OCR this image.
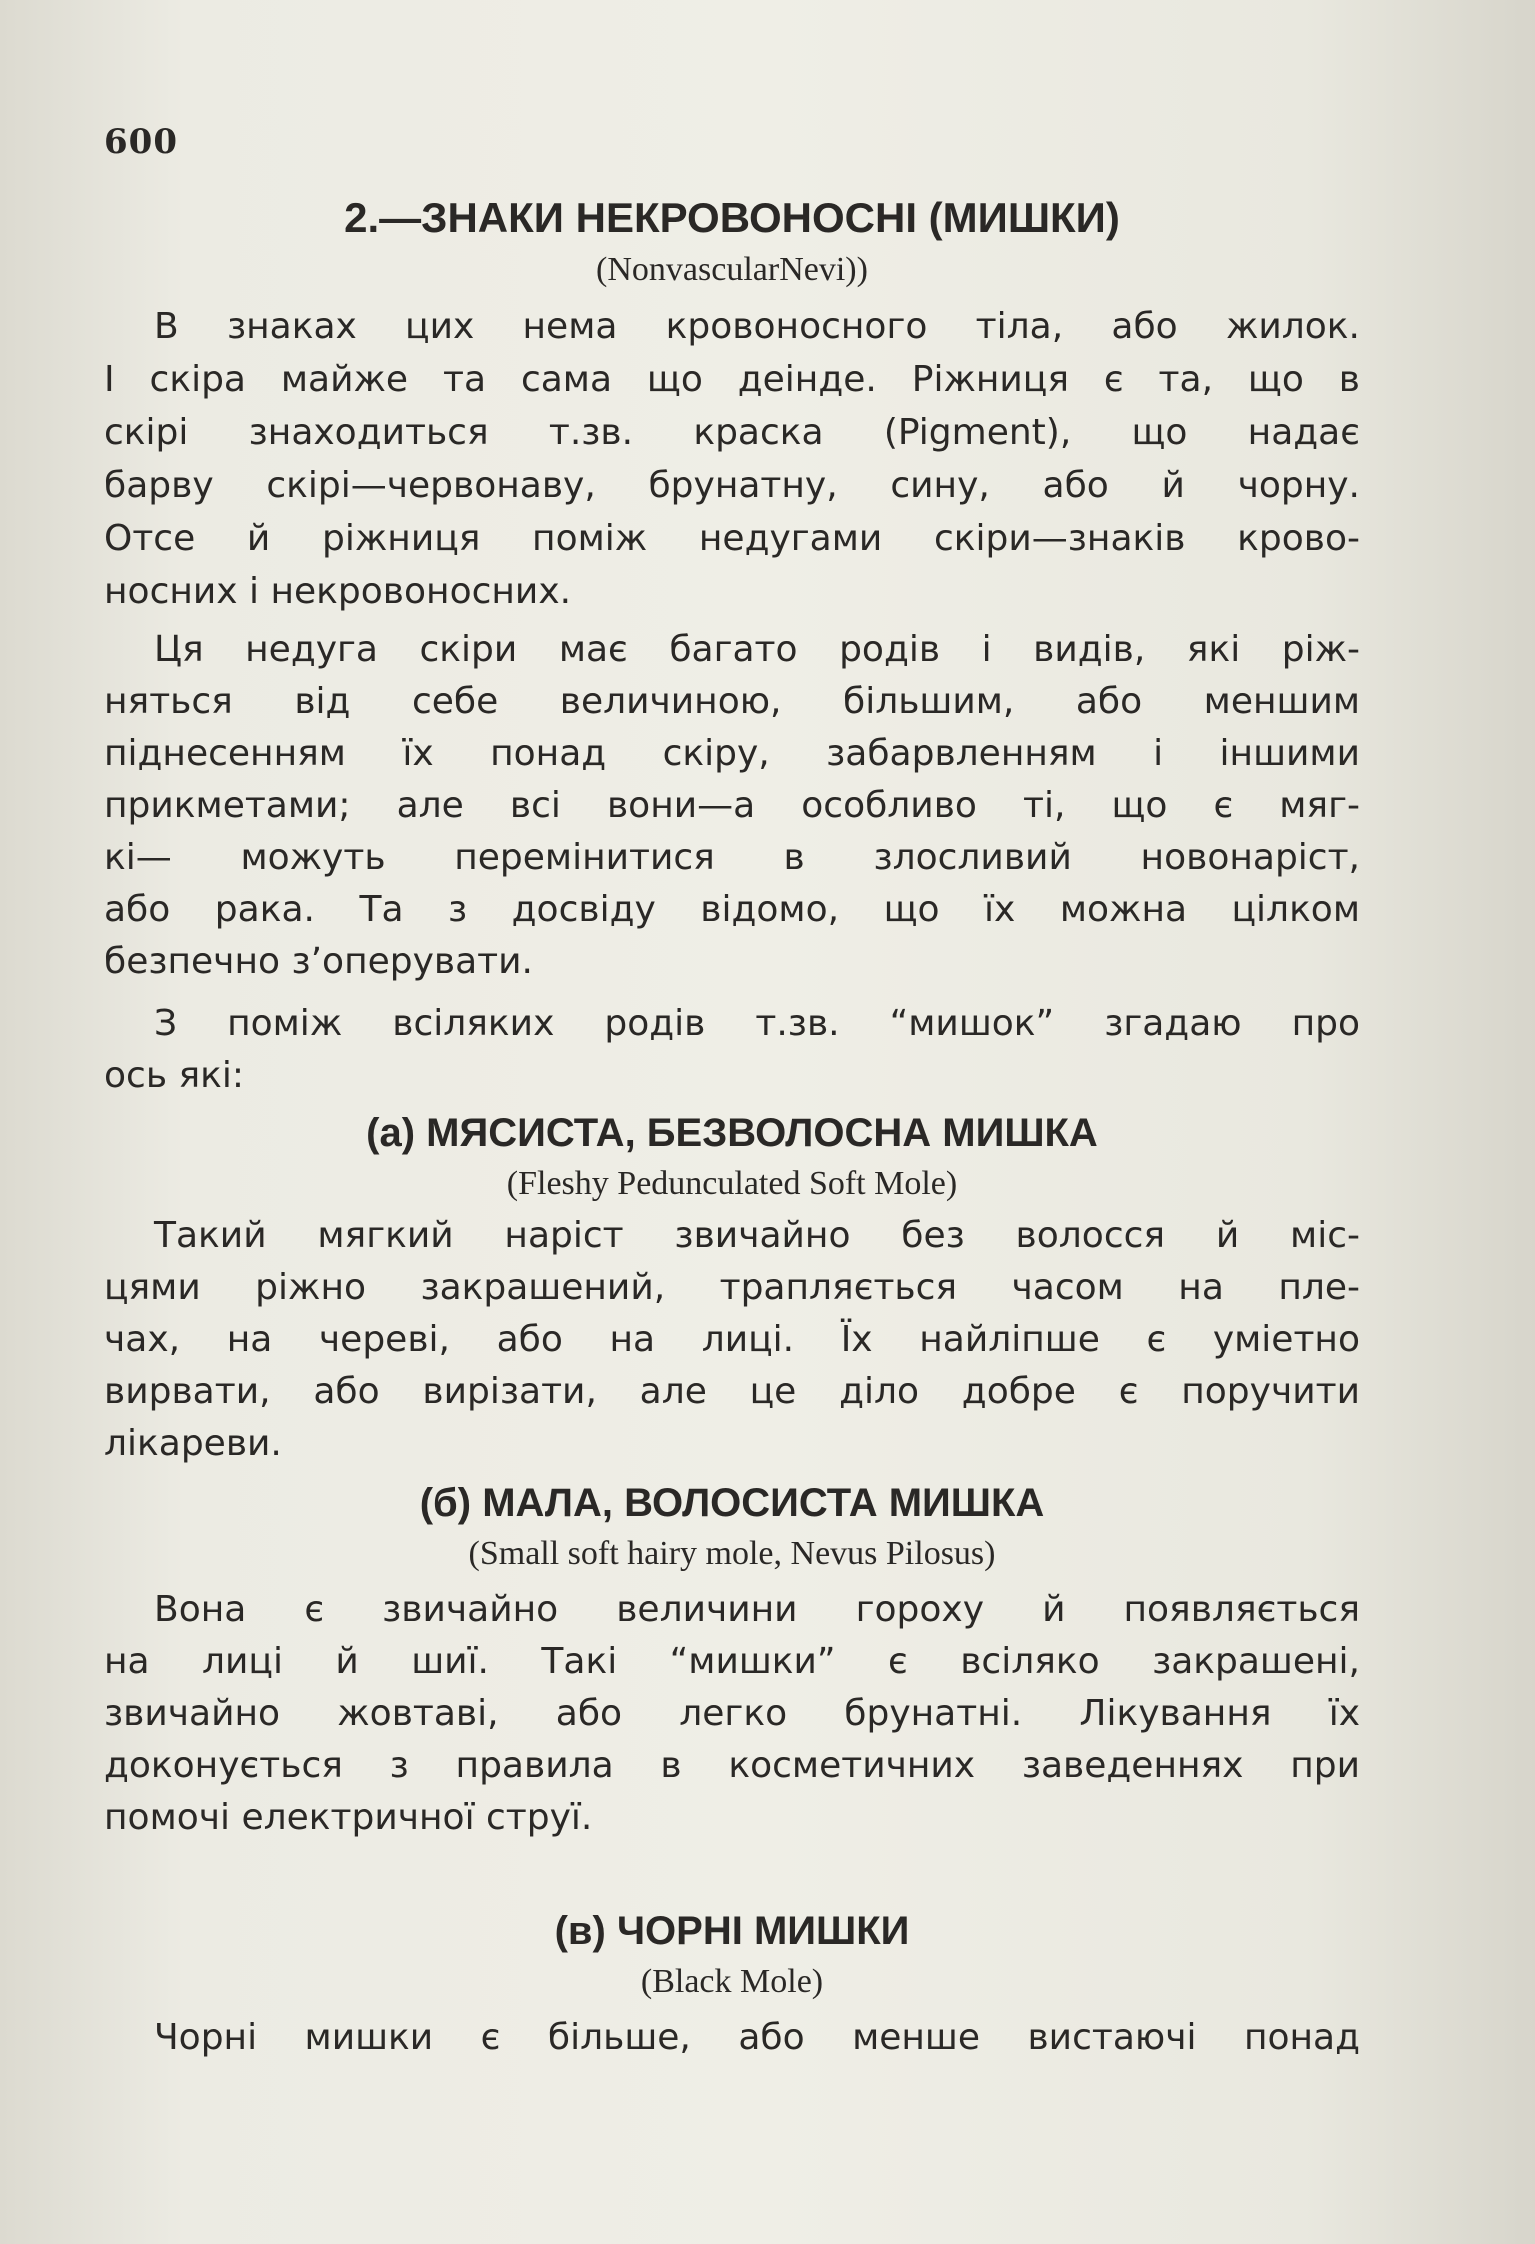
600
2.—ЗНАКИ НЕКРОВОНОСНІ (МИШКИ)
(NonvascularNevi))
В знаках цих нема кровоносного тіла, або жилок.
І скіра майже та сама що деінде. Ріжниця є та, що в
скірі знаходиться т.зв. краска (Pigment), що надає
барву скірі—червонаву, брунатну, сину, або й чорну.
Отсе й ріжниця поміж недугами скіри—знаків крово-
носних і некровоносних.
Ця недуга скіри має багато родів і видів, які ріж-
няться від себе величиною, більшим, або меншим
піднесенням їх понад скіру, забарвленням і іншими
прикметами; але всі вони—а особливо ті, що є мяг-
кі— можуть перемінитися в злосливий новонаріст,
або рака. Та з досвіду відомо, що їх можна цілком
безпечно з’оперувати.
З поміж всіляких родів т.зв. “мишок” згадаю про
ось які:
(а) МЯСИСТА, БЕЗВОЛОСНА МИШКА
(Fleshy Pedunculated Soft Mole)
Такий мягкий наріст звичайно без волосся й міс-
цями ріжно закрашений, трапляється часом на пле-
чах, на череві, або на лиці. Їх найліпше є уміетно
вирвати, або вирізати, але це діло добре є поручити
лікареви.
(б) МАЛА, ВОЛОСИСТА МИШКА
(Small soft hairy mole, Nevus Pilosus)
Вона є звичайно величини гороху й появляється
на лиці й шиї. Такі “мишки” є всіляко закрашені,
звичайно жовтаві, або легко брунатні. Лікування їх
доконується з правила в косметичних заведеннях при
помочі електричної струї.
(в) ЧОРНІ МИШКИ
(Black Mole)
Чорні мишки є більше, або менше вистаючі понад
